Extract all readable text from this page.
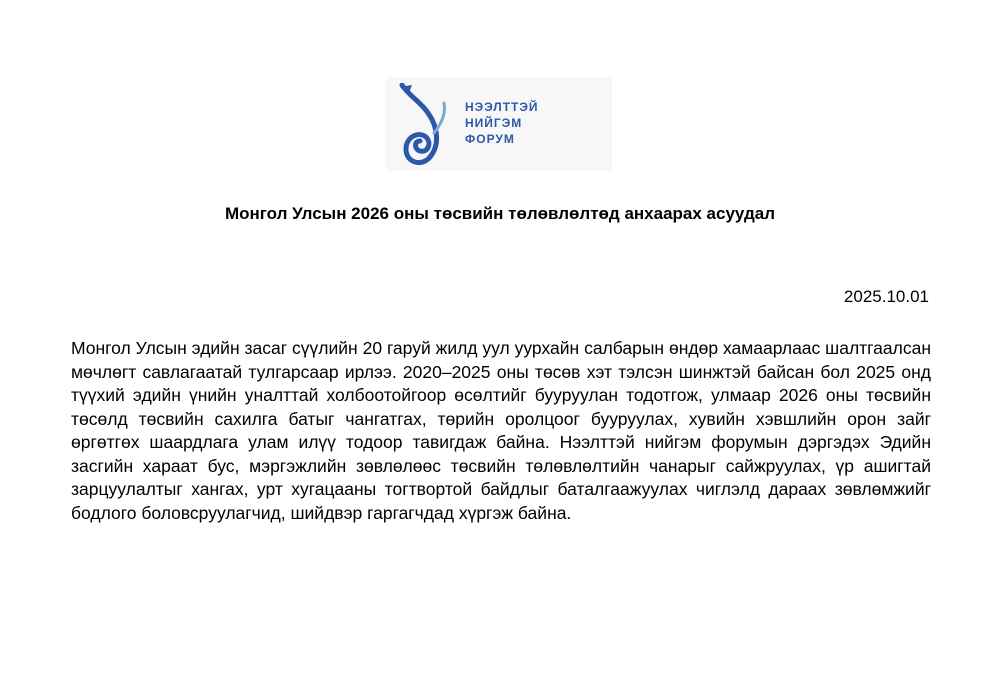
НЭЭЛТТЭЙ
НИЙГЭМ
ФОРУМ
Монгол Улсын 2026 оны төсвийн төлөвлөлтөд анхаарах асуудал

2025.10.01

Монгол Улсын эдийн засаг сүүлийн 20 гаруй жилд уул уурхайн салбарын өндөр хамаарлаас шалтгаалсан мөчлөгт савлагаатай тулгарсаар ирлээ. 2020–2025 оны төсөв хэт тэлсэн шинжтэй байсан бол 2025 онд түүхий эдийн үнийн уналттай холбоотойгоор өсөлтийг бууруулан тодотгож, улмаар 2026 оны төсвийн төсөлд төсвийн сахилга батыг чангатгах, төрийн оролцоог бууруулах, хувийн хэвшлийн орон зайг өргөтгөх шаардлага улам илүү тодоор тавигдаж байна. Нээлттэй нийгэм форумын дэргэдэх Эдийн засгийн хараат бус, мэргэжлийн зөвлөлөөс төсвийн төлөвлөлтийн чанарыг сайжруулах, үр ашигтай зарцуулалтыг хангах, урт хугацааны тогтвортой байдлыг баталгаажуулах чиглэлд дараах зөвлөмжийг бодлого боловсруулагчид, шийдвэр гаргагчдад хүргэж байна.
